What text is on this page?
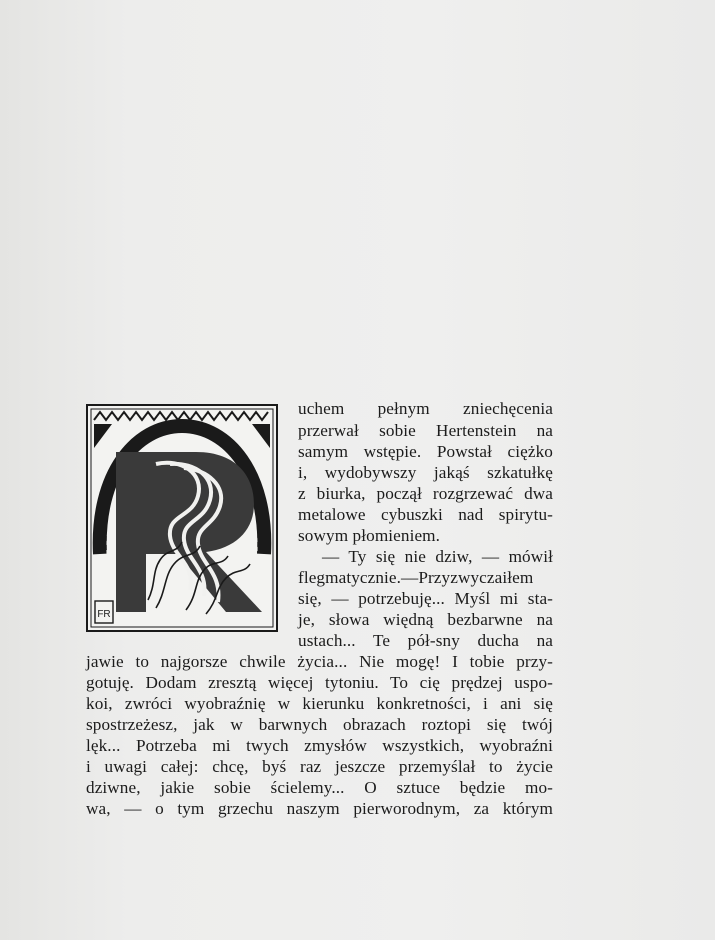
FR
uchem pełnym zniechęcenia
przerwał sobie Hertenstein na
samym wstępie. Powstał ciężko
i, wydobywszy jakąś szkatułkę
z biurka, począł rozgrzewać dwa
metalowe cybuszki nad spirytu-
sowym płomieniem.
— Ty się nie dziw, — mówił
flegmatycznie.—Przyzwyczaiłem
się, — potrzebuję... Myśl mi sta-
je, słowa więdną bezbarwne na
ustach... Te pół-sny ducha na
jawie to najgorsze chwile życia... Nie mogę! I tobie przy-
gotuję. Dodam zresztą więcej tytoniu. To cię prędzej uspo-
koi, zwróci wyobraźnię w kierunku konkretności, i ani się
spostrzeżesz, jak w barwnych obrazach roztopi się twój
lęk... Potrzeba mi twych zmysłów wszystkich, wyobraźni
i uwagi całej: chcę, byś raz jeszcze przemyślał to życie
dziwne, jakie sobie ścielemy... O sztuce będzie mo-
wa, — o tym grzechu naszym pierworodnym, za którym
